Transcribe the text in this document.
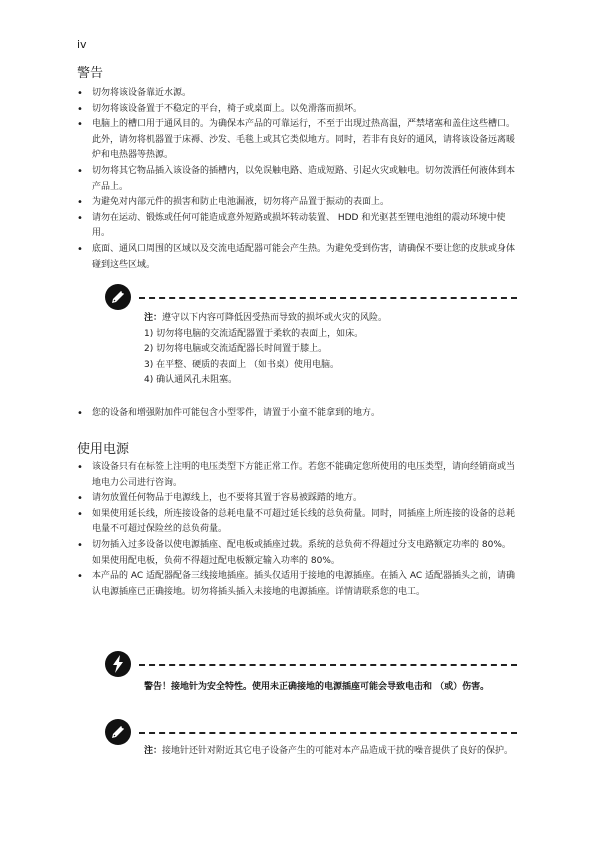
iv
警告
• 切勿将该设备靠近水源。
• 切勿将该设备置于不稳定的平台，椅子或桌面上。以免滑落而损坏。
• 电脑上的槽口用于通风目的。为确保本产品的可靠运行，不至于出现过热高温，严禁堵塞和盖住这些槽口。此外，请勿将机器置于床褥、沙发、毛毯上或其它类似地方。同时，若非有良好的通风，请将该设备远离暖炉和电热器等热源。
• 切勿将其它物品插入该设备的插槽内，以免误触电路、造成短路、引起火灾或触电。切勿泼洒任何液体到本产品上。
• 为避免对内部元件的损害和防止电池漏液，切勿将产品置于振动的表面上。
• 请勿在运动、锻炼或任何可能造成意外短路或损坏转动装置、 HDD 和光驱甚至锂电池组的震动环境中使用。
• 底面、通风口周围的区域以及交流电适配器可能会产生热。为避免受到伤害，请确保不要让您的皮肤或身体碰到这些区域。
注：遵守以下内容可降低因受热而导致的损坏或火灾的风险。
1) 切勿将电脑的交流适配器置于柔软的表面上，如床。
2) 切勿将电脑或交流适配器长时间置于膝上。
3) 在平整、硬质的表面上 （如书桌）使用电脑。
4) 确认通风孔未阻塞。
• 您的设备和增强附加件可能包含小型零件，请置于小童不能拿到的地方。
使用电源
• 该设备只有在标签上注明的电压类型下方能正常工作。若您不能确定您所使用的电压类型，请向经销商或当地电力公司进行咨询。
• 请勿放置任何物品于电源线上，也不要将其置于容易被踩踏的地方。
• 如果使用延长线，所连接设备的总耗电量不可超过延长线的总负荷量。同时，同插座上所连接的设备的总耗电量不可超过保险丝的总负荷量。
• 切勿插入过多设备以使电源插座、配电板或插座过载。系统的总负荷不得超过分支电路额定功率的 80%。如果使用配电板，负荷不得超过配电板额定输入功率的 80%。
• 本产品的 AC 适配器配备三线接地插座。插头仅适用于接地的电源插座。在插入 AC 适配器插头之前，请确认电源插座已正确接地。切勿将插头插入未接地的电源插座。详情请联系您的电工。
警告！接地针为安全特性。使用未正确接地的电源插座可能会导致电击和 （或）伤害。
注：接地针还针对附近其它电子设备产生的可能对本产品造成干扰的噪音提供了良好的保护。
